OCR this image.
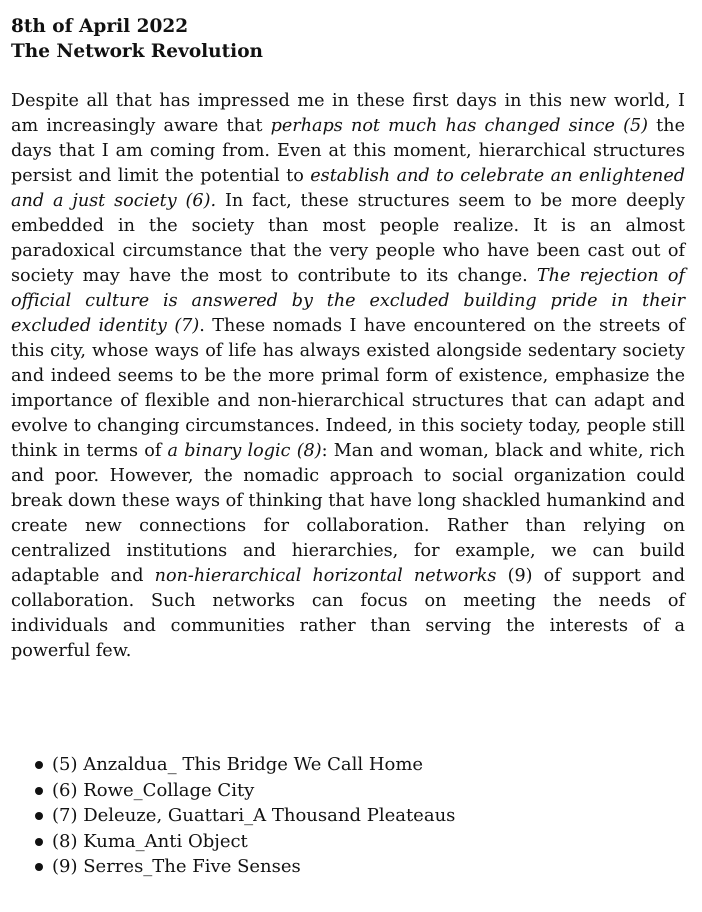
8th of April 2022

The Network Revolution

Despite all that has impressed me in these first days in this new world, I am increasingly aware that perhaps not much has changed since (5) the days that I am coming from. Even at this moment, hierarchical structures persist and limit the potential to establish and to celebrate an enlightened and a just society (6). In fact, these structures seem to be more deeply embedded in the society than most people realize. It is an almost paradoxical circumstance that the very people who have been cast out of society may have the most to contribute to its change. The rejection of official culture is answered by the excluded building pride in their excluded identity (7). These nomads I have encountered on the streets of this city, whose ways of life has always existed alongside sedentary society and indeed seems to be the more primal form of existence, emphasize the importance of flexible and non-hierarchical structures that can adapt and evolve to changing circumstances. Indeed, in this society today, people still think in terms of a binary logic (8): Man and woman, black and white, rich and poor. However, the nomadic approach to social organization could break down these ways of thinking that have long shackled humankind and create new connections for collaboration. Rather than relying on centralized institutions and hierarchies, for example, we can build adaptable and non-hierarchical horizontal networks (9) of support and collaboration. Such networks can focus on meeting the needs of individuals and communities rather than serving the interests of a powerful few.

(5) Anzaldua_ This Bridge We Call Home
(6) Rowe_Collage City
(7) Deleuze, Guattari_A Thousand Pleateaus
(8) Kuma_Anti Object
(9) Serres_The Five Senses
